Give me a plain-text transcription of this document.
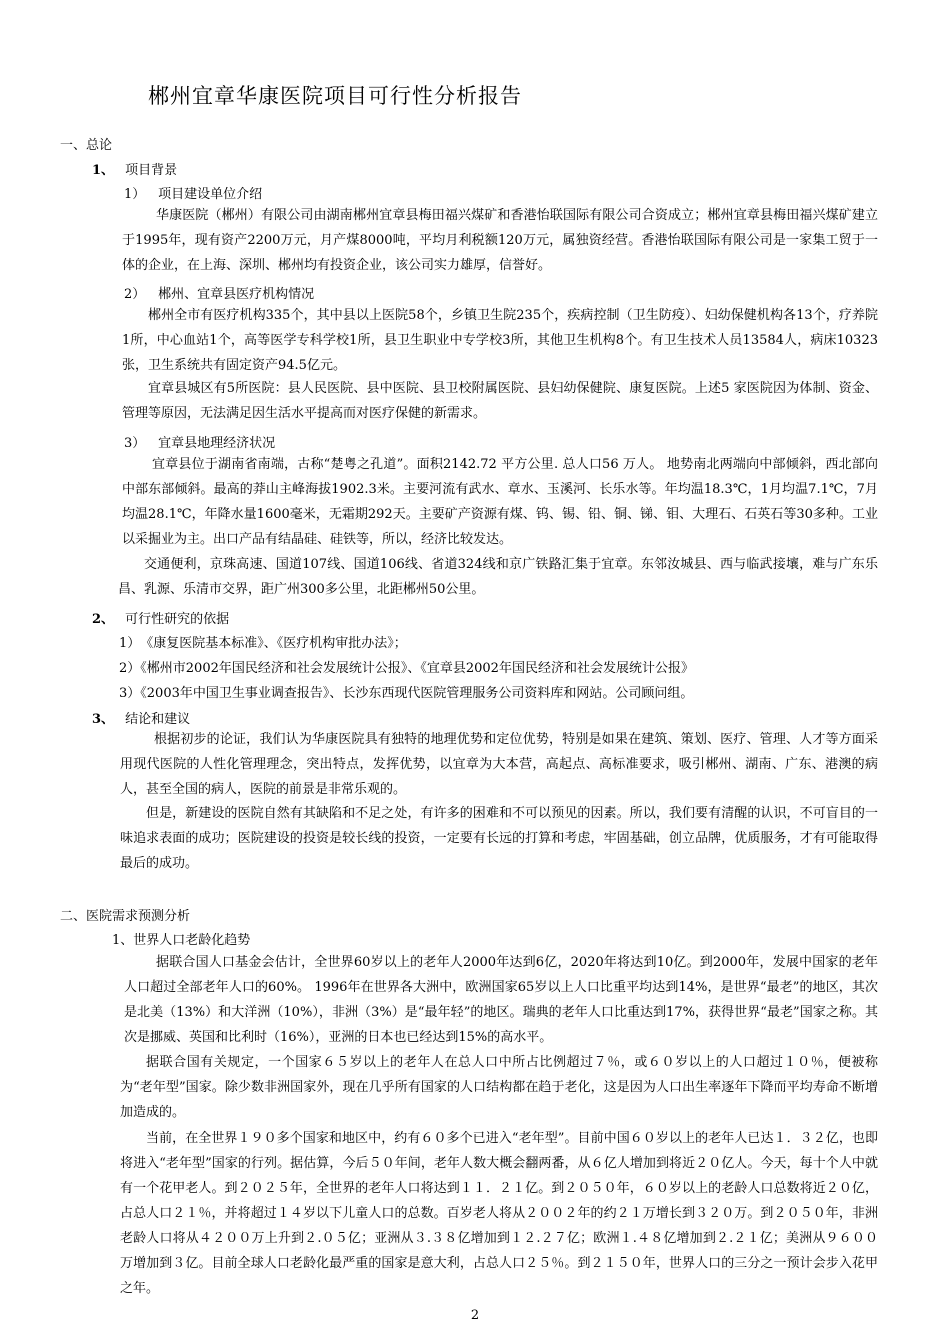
郴州宜章华康医院项目可行性分析报告
一、总论
1、 项目背景
1） 项目建设单位介绍
华康医院（郴州）有限公司由湖南郴州宜章县梅田福兴煤矿和香港怡联国际有限公司合资成立；郴州宜章县梅田福兴煤矿建立于1995年，现有资产2200万元，月产煤8000吨，平均月利税额120万元，属独资经营。香港怡联国际有限公司是一家集工贸于一体的企业，在上海、深圳、郴州均有投资企业，该公司实力雄厚，信誉好。
2） 郴州、宜章县医疗机构情况
郴州全市有医疗机构335个，其中县以上医院58个，乡镇卫生院235个，疾病控制（卫生防疫）、妇幼保健机构各13个，疗养院1所，中心血站1个，高等医学专科学校1所，县卫生职业中专学校3所，其他卫生机构8个。有卫生技术人员13584人，病床10323张，卫生系统共有固定资产94.5亿元。
宜章县城区有5所医院：县人民医院、县中医院、县卫校附属医院、县妇幼保健院、康复医院。上述5 家医院因为体制、资金、管理等原因，无法满足因生活水平提高而对医疗保健的新需求。
3） 宜章县地理经济状况
宜章县位于湖南省南端，古称“楚粤之孔道”。面积2142.72 平方公里. 总人口56 万人。 地势南北两端向中部倾斜，西北部向中部东部倾斜。最高的莽山主峰海拔1902.3米。主要河流有武水、章水、玉溪河、长乐水等。年均温18.3℃，1月均温7.1℃，7月均温28.1℃，年降水量1600毫米，无霜期292天。主要矿产资源有煤、钨、锡、铅、铜、锑、钼、大理石、石英石等30多种。工业以采掘业为主。出口产品有结晶硅、硅铁等，所以，经济比较发达。
交通便利，京珠高速、国道107线、国道106线、省道324线和京广铁路汇集于宜章。东邻汝城县、西与临武接壤，难与广东乐昌、乳源、乐清市交界，距广州300多公里，北距郴州50公里。
2、 可行性研究的依据
1）　《康复医院基本标准》、《医疗机构审批办法》；
2）《郴州市2002年国民经济和社会发展统计公报》、《宜章县2002年国民经济和社会发展统计公报》
3）《2003年中国卫生事业调查报告》、长沙东西现代医院管理服务公司资料库和网站。公司顾问组。
3、 结论和建议
根据初步的论证，我们认为华康医院具有独特的地理优势和定位优势，特别是如果在建筑、策划、医疗、管理、人才等方面采用现代医院的人性化管理理念，突出特点，发挥优势，以宜章为大本营，高起点、高标准要求，吸引郴州、湖南、广东、港澳的病人，甚至全国的病人，医院的前景是非常乐观的。
但是，新建设的医院自然有其缺陷和不足之处，有许多的困难和不可以预见的因素。所以，我们要有清醒的认识，不可盲目的一味追求表面的成功；医院建设的投资是较长线的投资，一定要有长远的打算和考虑，牢固基础，创立品牌，优质服务，才有可能取得最后的成功。
二、医院需求预测分析
1、世界人口老龄化趋势
据联合国人口基金会估计，全世界60岁以上的老年人2000年达到6亿，2020年将达到10亿。到2000年，发展中国家的老年人口超过全部老年人口的60%。 1996年在世界各大洲中，欧洲国家65岁以上人口比重平均达到14%，是世界“最老”的地区，其次是北美（13%）和大洋洲（10%），非洲（3%）是“最年轻”的地区。瑞典的老年人口比重达到17%，获得世界“最老”国家之称。其次是挪威、英国和比利时（16%），亚洲的日本也已经达到15%的高水平。
据联合国有关规定，一个国家６５岁以上的老年人在总人口中所占比例超过７％，或６０岁以上的人口超过１０％，便被称为“老年型”国家。除少数非洲国家外，现在几乎所有国家的人口结构都在趋于老化，这是因为人口出生率逐年下降而平均寿命不断增加造成的。
当前，在全世界１９０多个国家和地区中，约有６０多个已进入“老年型”。目前中国６０岁以上的老年人已达１．３２亿，也即将进入“老年型”国家的行列。据估算，今后５０年间，老年人数大概会翻两番，从６亿人增加到将近２０亿人。今天，每十个人中就有一个花甲老人。到２０２５年，全世界的老年人口将达到１１．２１亿。到２０５０年，６０岁以上的老龄人口总数将近２０亿，占总人口２１％，并将超过１４岁以下儿童人口的总数。百岁老人将从２００２年的约２１万增长到３２０万。到２０５０年，非洲老龄人口将从４２００万上升到２.０５亿；亚洲从３.３８亿增加到１２.２７亿；欧洲１.４８亿增加到２.２１亿；美洲从９６００万增加到３亿。目前全球人口老龄化最严重的国家是意大利，占总人口２５％。到２１５０年，世界人口的三分之一预计会步入花甲之年。
2
